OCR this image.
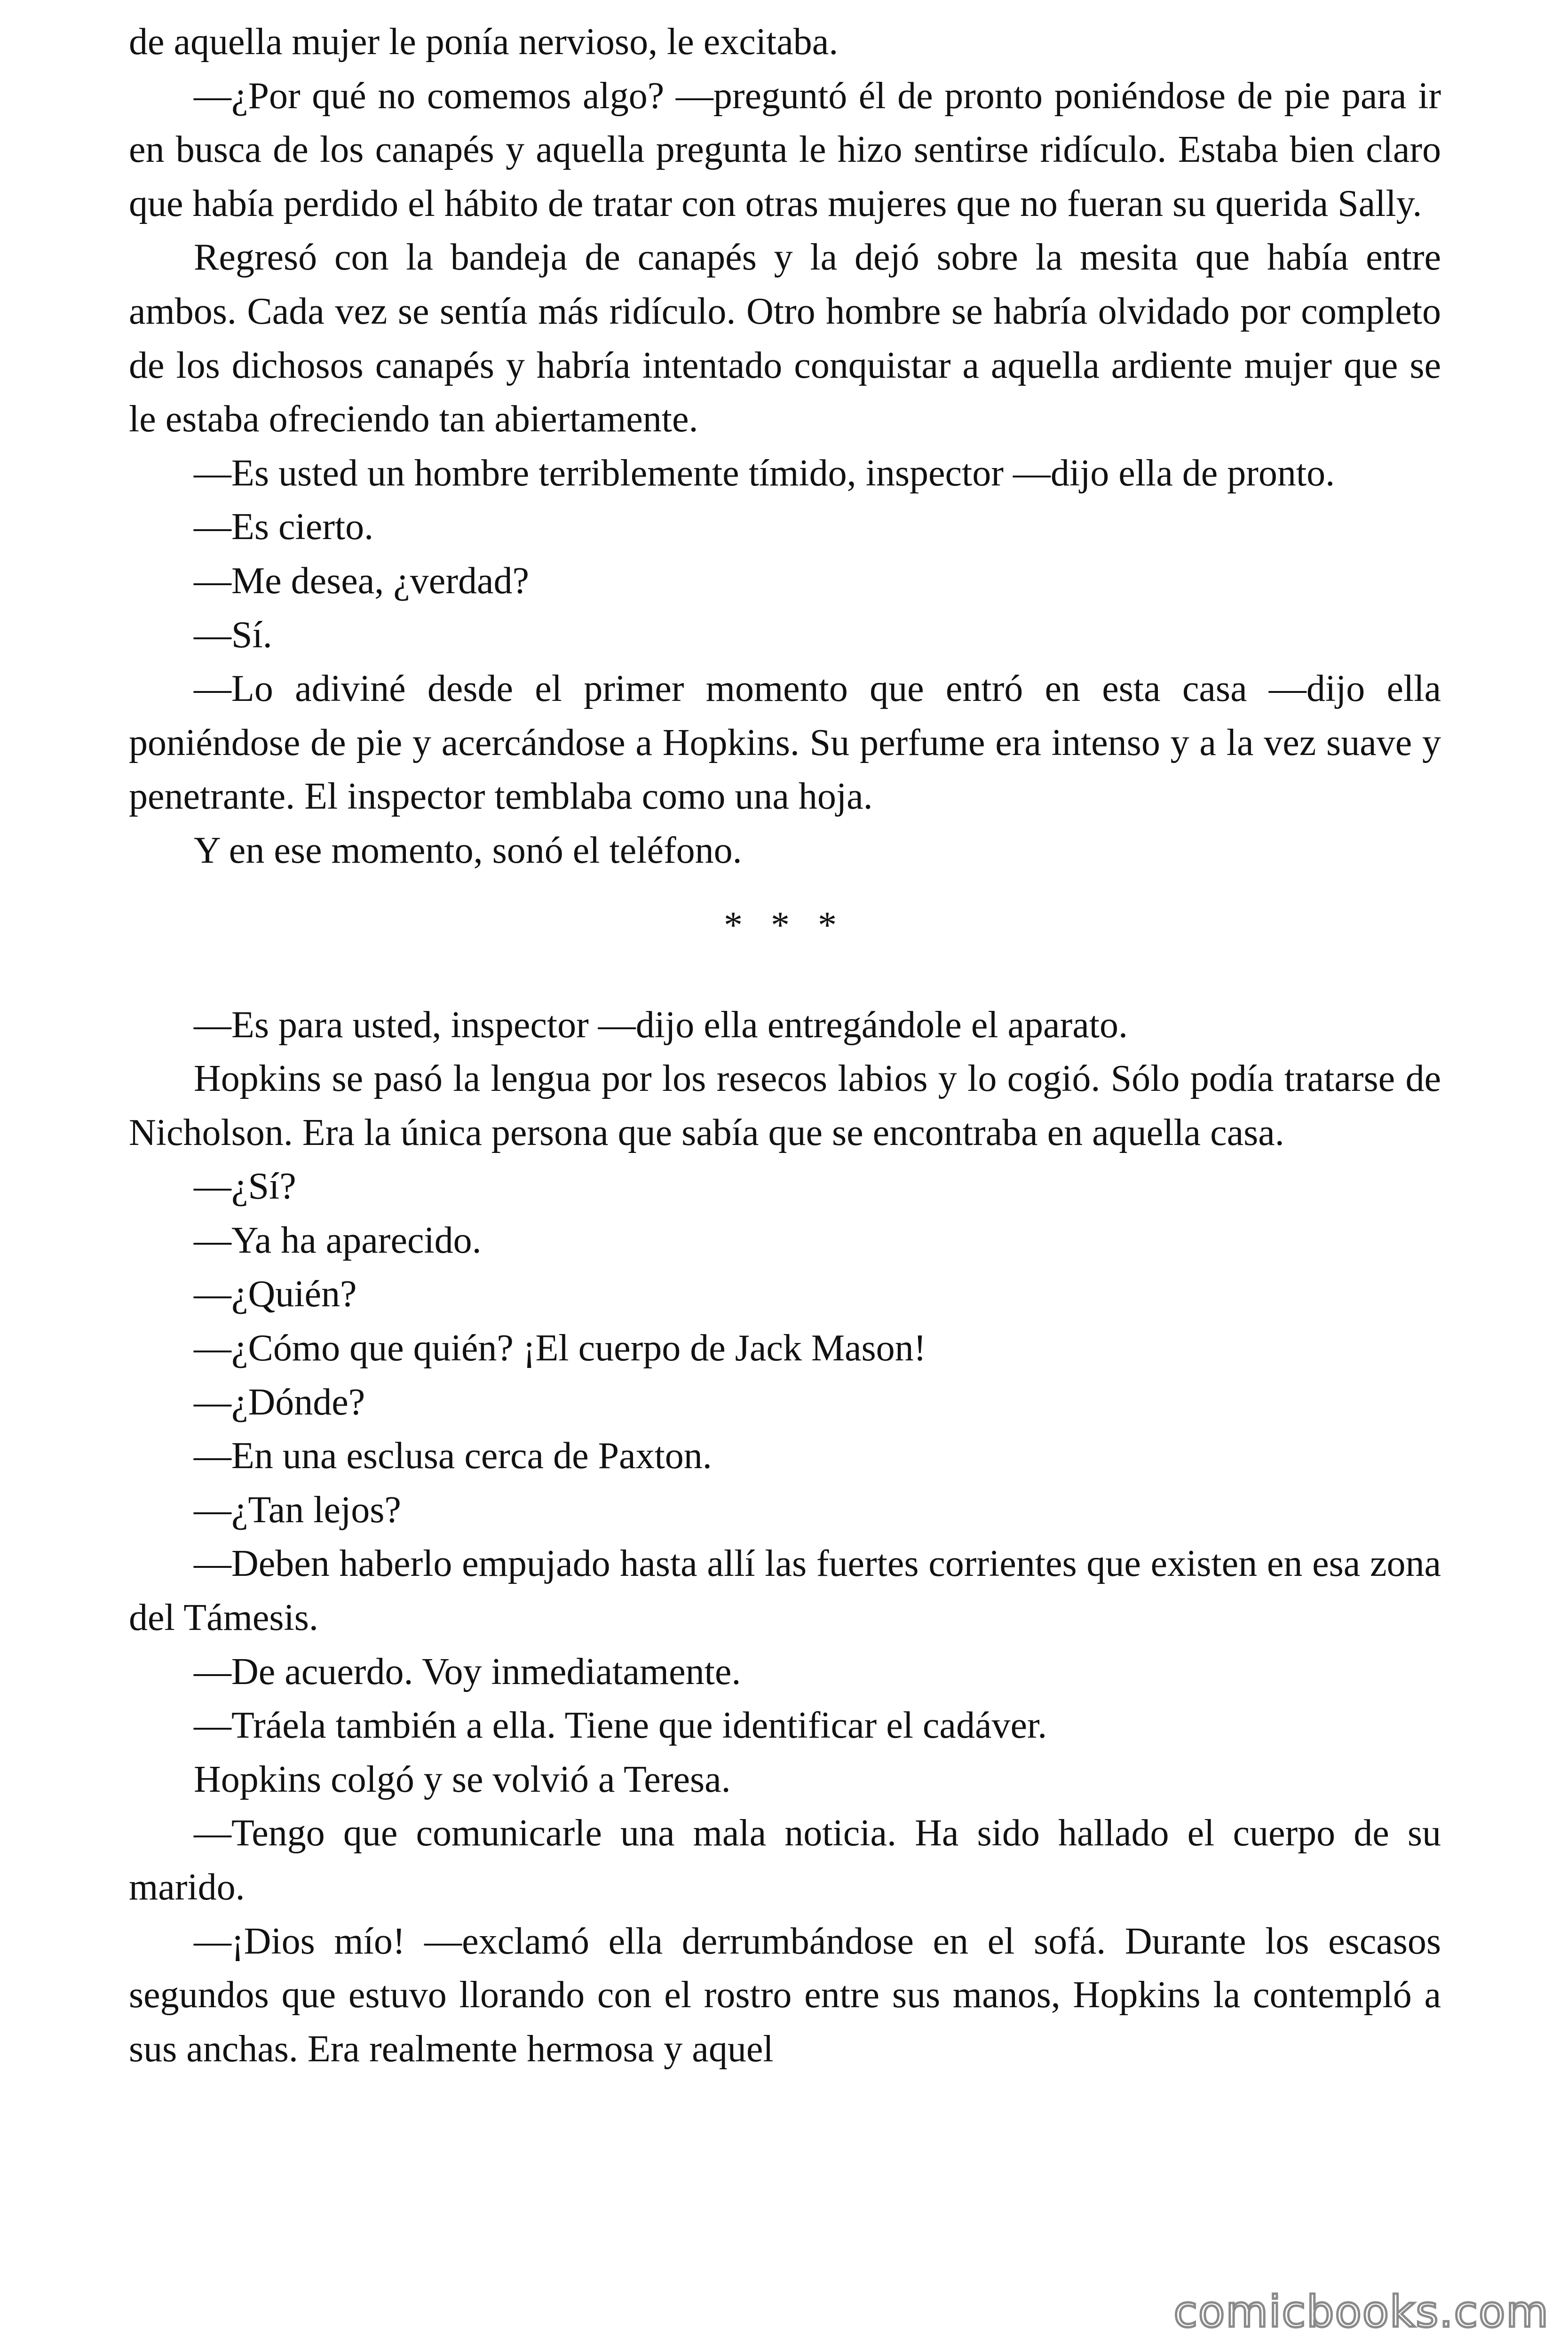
de aquella mujer le ponía nervioso, le excitaba.

—¿Por qué no comemos algo? —preguntó él de pronto poniéndose de pie para ir en busca de los canapés y aquella pregunta le hizo sentirse ridículo. Estaba bien claro que había perdido el hábito de tratar con otras mujeres que no fueran su querida Sally.

Regresó con la bandeja de canapés y la dejó sobre la mesita que había entre ambos. Cada vez se sentía más ridículo. Otro hombre se habría olvidado por completo de los dichosos canapés y habría intentado conquistar a aquella ardiente mujer que se le estaba ofreciendo tan abiertamente.

—Es usted un hombre terriblemente tímido, inspector —dijo ella de pronto.

—Es cierto.

—Me desea, ¿verdad?

—Sí.

—Lo adiviné desde el primer momento que entró en esta casa —dijo ella poniéndose de pie y acercándose a Hopkins. Su perfume era intenso y a la vez suave y penetrante. El inspector temblaba como una hoja.

Y en ese momento, sonó el teléfono.

* * *

—Es para usted, inspector —dijo ella entregándole el aparato.

Hopkins se pasó la lengua por los resecos labios y lo cogió. Sólo podía tratarse de Nicholson. Era la única persona que sabía que se encontraba en aquella casa.

—¿Sí?

—Ya ha aparecido.

—¿Quién?

—¿Cómo que quién? ¡El cuerpo de Jack Mason!

—¿Dónde?

—En una esclusa cerca de Paxton.

—¿Tan lejos?

—Deben haberlo empujado hasta allí las fuertes corrientes que existen en esa zona del Támesis.

—De acuerdo. Voy inmediatamente.

—Tráela también a ella. Tiene que identificar el cadáver.

Hopkins colgó y se volvió a Teresa.

—Tengo que comunicarle una mala noticia. Ha sido hallado el cuerpo de su marido.

—¡Dios mío! —exclamó ella derrumbándose en el sofá. Durante los escasos segundos que estuvo llorando con el rostro entre sus manos, Hopkins la contempló a sus anchas. Era realmente hermosa y aquel

comicbooks.com
